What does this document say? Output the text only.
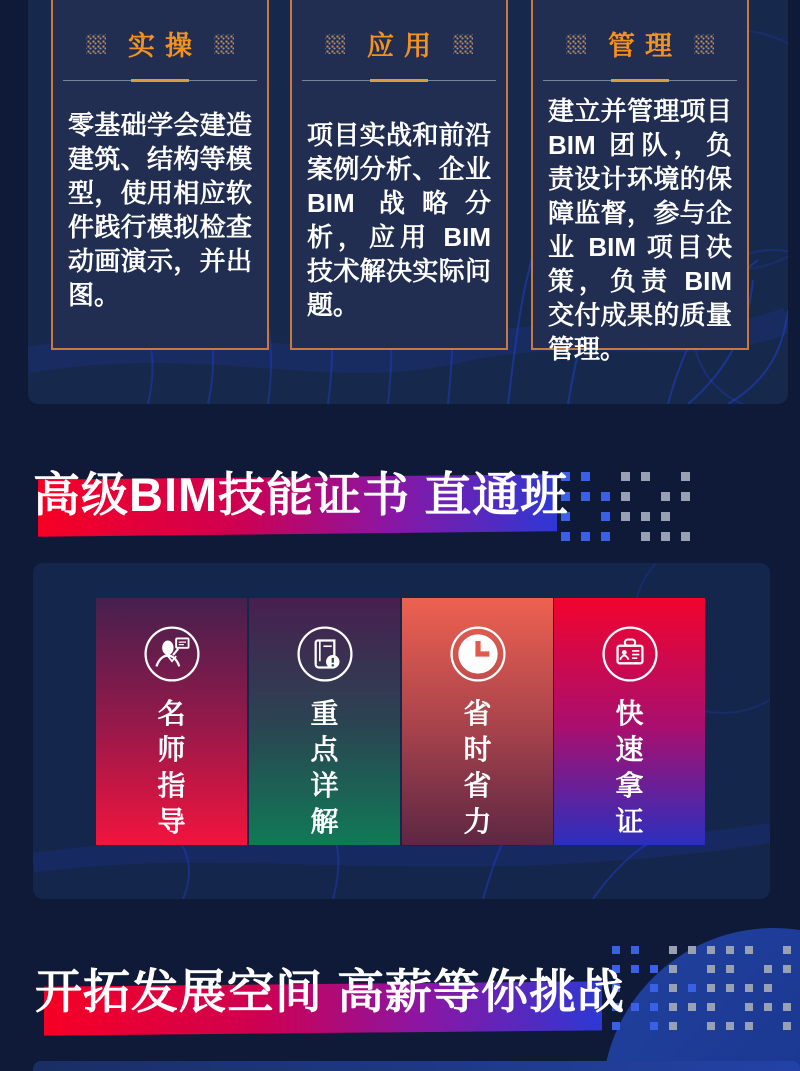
实操
零基础学会建造建筑、结构等模型，使用相应软件践行模拟检查动画演示，并出图。
应用
项目实战和前沿案例分析、企业 BIM 战略分析，应用 BIM 技术解决实际问题。
管理
建立并管理项目 BIM 团队，负责设计环境的保障监督，参与企业 BIM 项目决策，负责 BIM 交付成果的质量管理。
高级BIM技能证书 直通班
名师指导
重点详解
省时省力
快速拿证
开拓发展空间 高薪等你挑战
